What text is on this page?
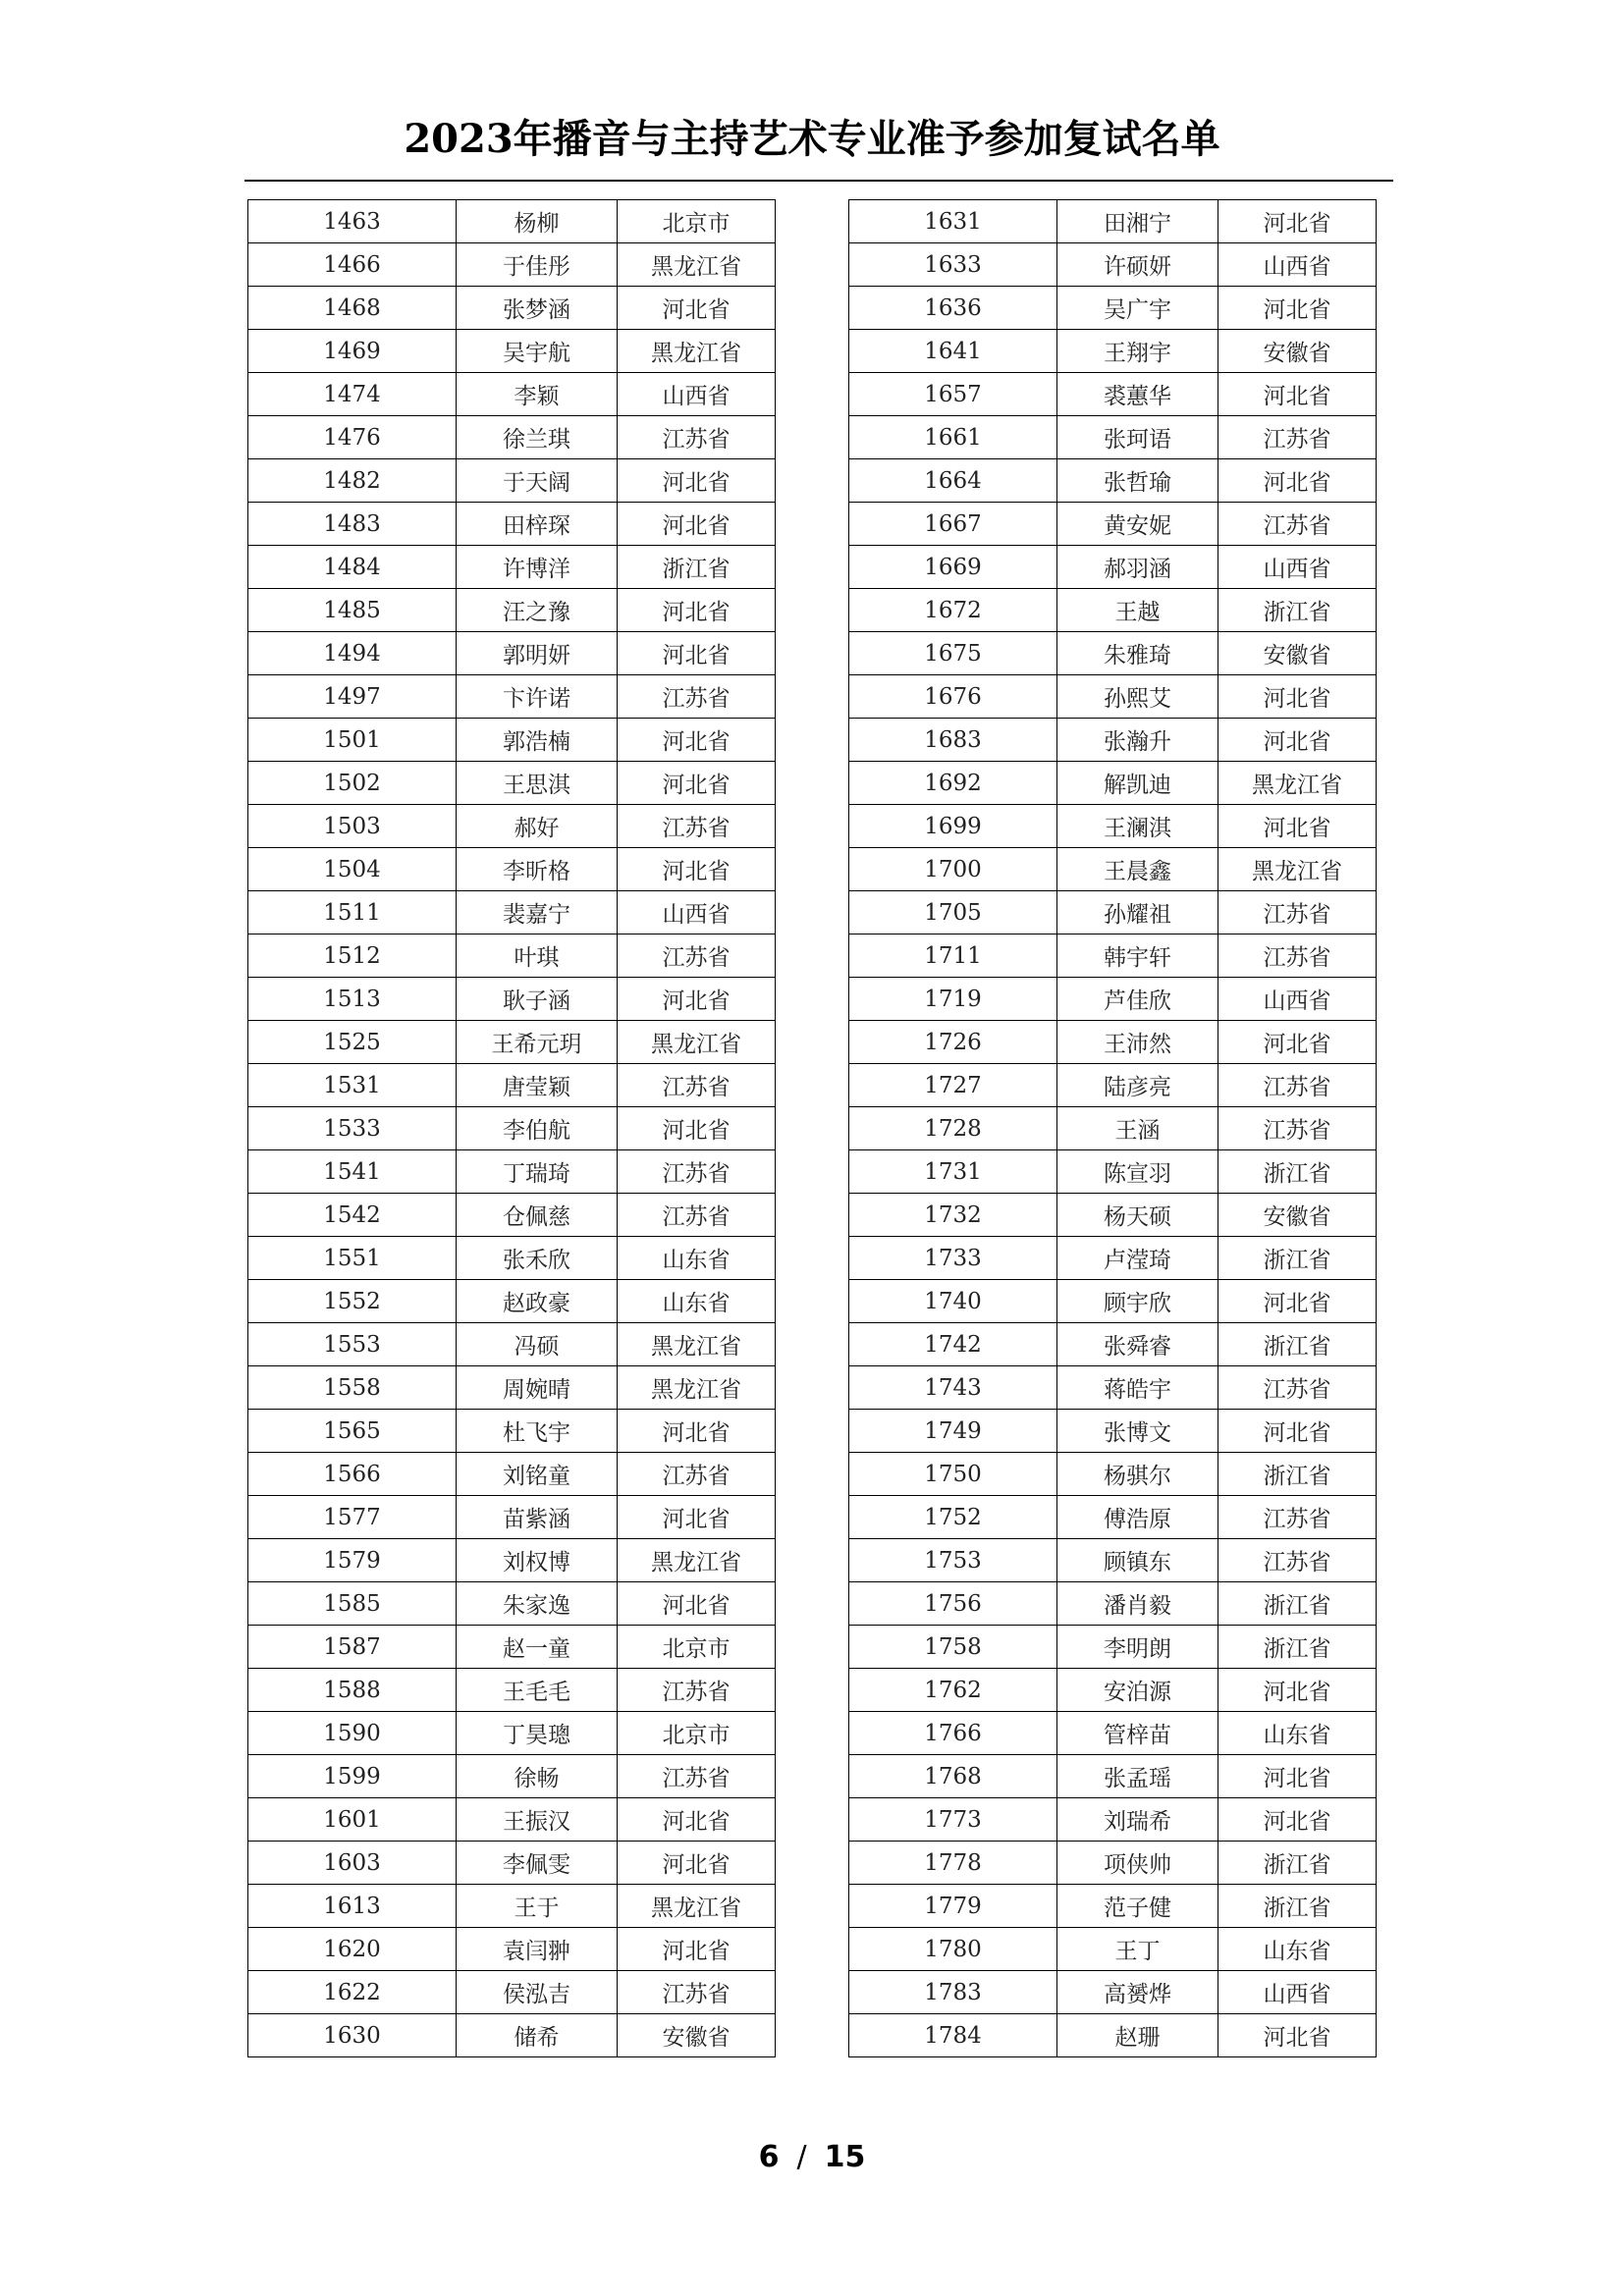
2023年播音与主持艺术专业准予参加复试名单
1463	杨柳	北京市
1466	于佳彤	黑龙江省
1468	张梦涵	河北省
1469	吴宇航	黑龙江省
1474	李颖	山西省
1476	徐兰琪	江苏省
1482	于天阔	河北省
1483	田梓琛	河北省
1484	许博洋	浙江省
1485	汪之豫	河北省
1494	郭明妍	河北省
1497	卞许诺	江苏省
1501	郭浩楠	河北省
1502	王思淇	河北省
1503	郝好	江苏省
1504	李昕格	河北省
1511	裴嘉宁	山西省
1512	叶琪	江苏省
1513	耿子涵	河北省
1525	王希元玥	黑龙江省
1531	唐莹颖	江苏省
1533	李伯航	河北省
1541	丁瑞琦	江苏省
1542	仓佩慈	江苏省
1551	张禾欣	山东省
1552	赵政豪	山东省
1553	冯硕	黑龙江省
1558	周婉晴	黑龙江省
1565	杜飞宇	河北省
1566	刘铭童	江苏省
1577	苗紫涵	河北省
1579	刘权博	黑龙江省
1585	朱家逸	河北省
1587	赵一童	北京市
1588	王毛毛	江苏省
1590	丁昊璁	北京市
1599	徐畅	江苏省
1601	王振汉	河北省
1603	李佩雯	河北省
1613	王于	黑龙江省
1620	袁闫翀	河北省
1622	侯泓吉	江苏省
1630	储希	安徽省
1631	田湘宁	河北省
1633	许硕妍	山西省
1636	吴广宇	河北省
1641	王翔宇	安徽省
1657	裘蕙华	河北省
1661	张珂语	江苏省
1664	张哲瑜	河北省
1667	黄安妮	江苏省
1669	郝羽涵	山西省
1672	王越	浙江省
1675	朱雅琦	安徽省
1676	孙熙艾	河北省
1683	张瀚升	河北省
1692	解凯迪	黑龙江省
1699	王澜淇	河北省
1700	王晨鑫	黑龙江省
1705	孙耀祖	江苏省
1711	韩宇轩	江苏省
1719	芦佳欣	山西省
1726	王沛然	河北省
1727	陆彦亮	江苏省
1728	王涵	江苏省
1731	陈宣羽	浙江省
1732	杨天硕	安徽省
1733	卢滢琦	浙江省
1740	顾宇欣	河北省
1742	张舜睿	浙江省
1743	蒋皓宇	江苏省
1749	张博文	河北省
1750	杨骐尔	浙江省
1752	傅浩原	江苏省
1753	顾镇东	江苏省
1756	潘肖毅	浙江省
1758	李明朗	浙江省
1762	安泊源	河北省
1766	管梓苗	山东省
1768	张孟瑶	河北省
1773	刘瑞希	河北省
1778	项侠帅	浙江省
1779	范子健	浙江省
1780	王丁	山东省
1783	高赟烨	山西省
1784	赵珊	河北省
6 / 15
